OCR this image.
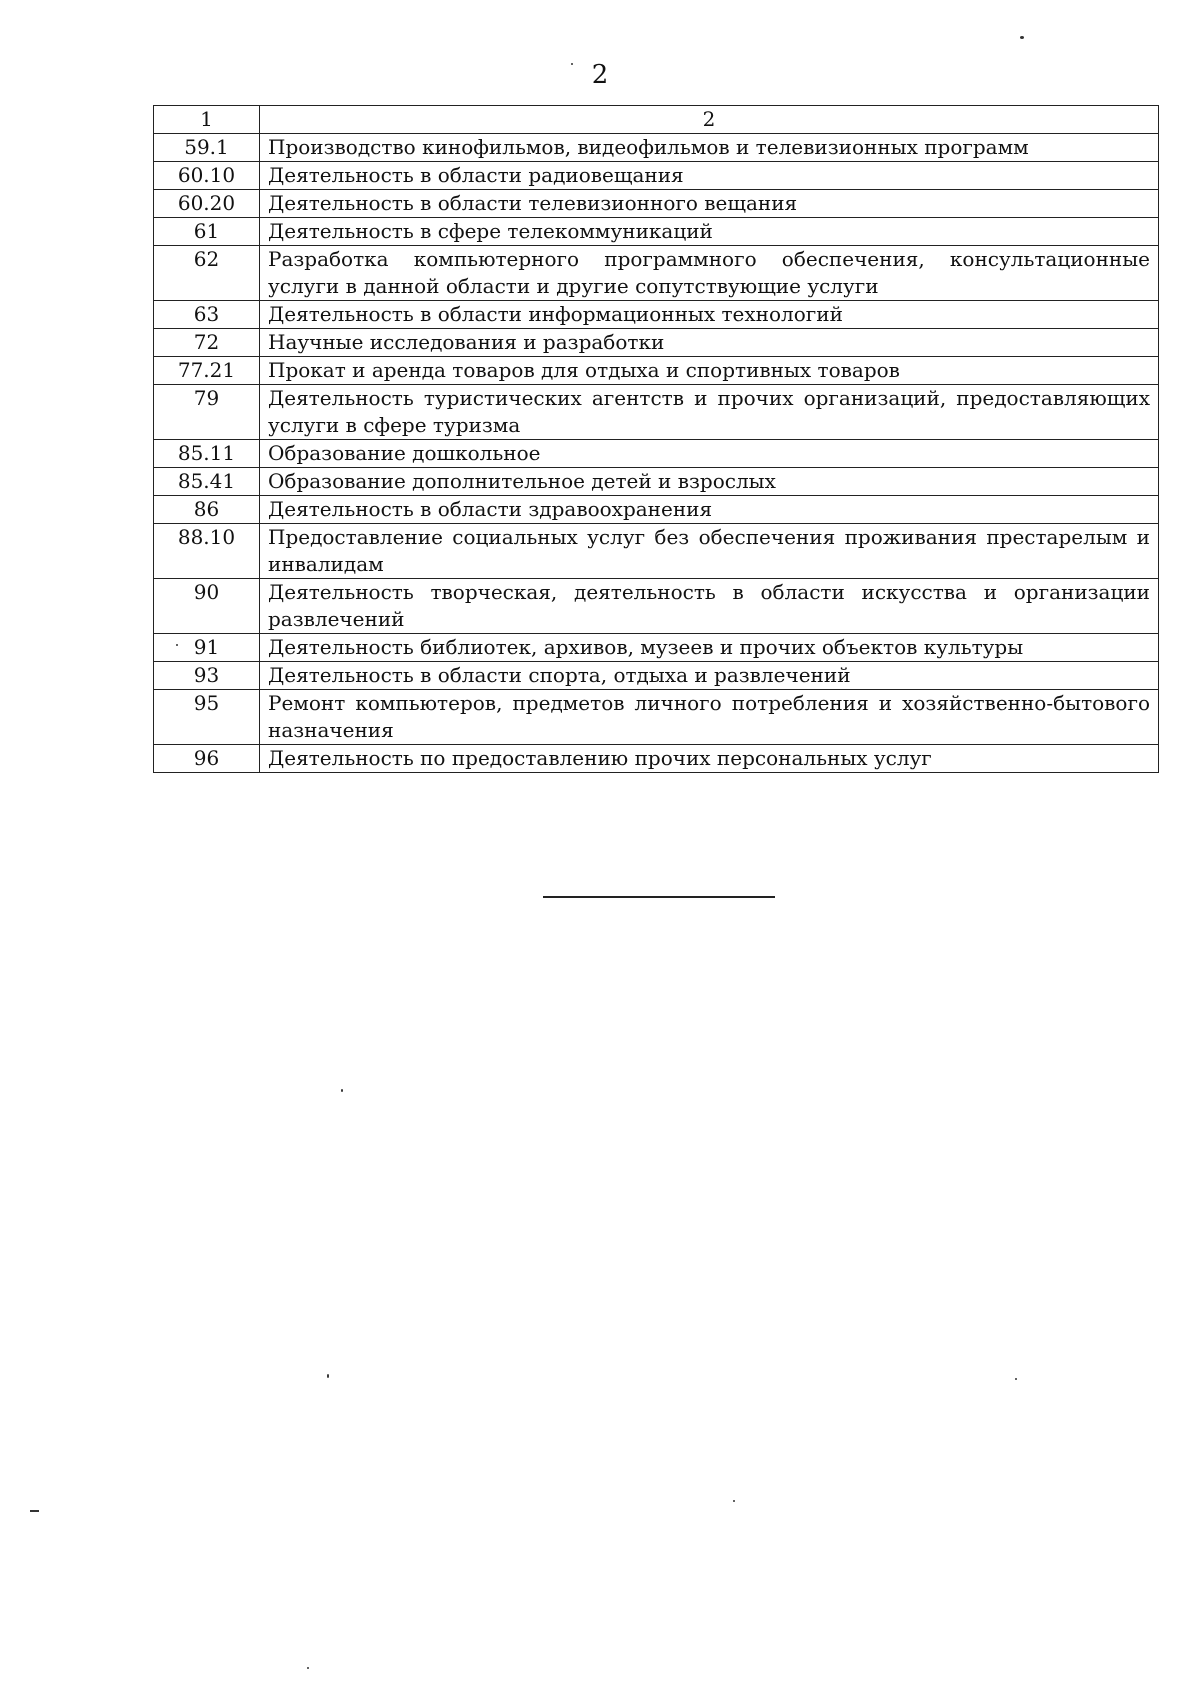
2
1	2
59.1	Производство кинофильмов, видеофильмов и телевизионных программ
60.10	Деятельность в области радиовещания
60.20	Деятельность в области телевизионного вещания
61	Деятельность в сфере телекоммуникаций
62	Разработка компьютерного программного обеспечения, консультационные услуги в данной области и другие сопутствующие услуги
63	Деятельность в области информационных технологий
72	Научные исследования и разработки
77.21	Прокат и аренда товаров для отдыха и спортивных товаров
79	Деятельность туристических агентств и прочих организаций, предоставляющих услуги в сфере туризма
85.11	Образование дошкольное
85.41	Образование дополнительное детей и взрослых
86	Деятельность в области здравоохранения
88.10	Предоставление социальных услуг без обеспечения проживания престарелым и инвалидам
90	Деятельность творческая, деятельность в области искусства и организации развлечений
91	Деятельность библиотек, архивов, музеев и прочих объектов культуры
93	Деятельность в области спорта, отдыха и развлечений
95	Ремонт компьютеров, предметов личного потребления и хозяйственно-бытового назначения
96	Деятельность по предоставлению прочих персональных услуг
